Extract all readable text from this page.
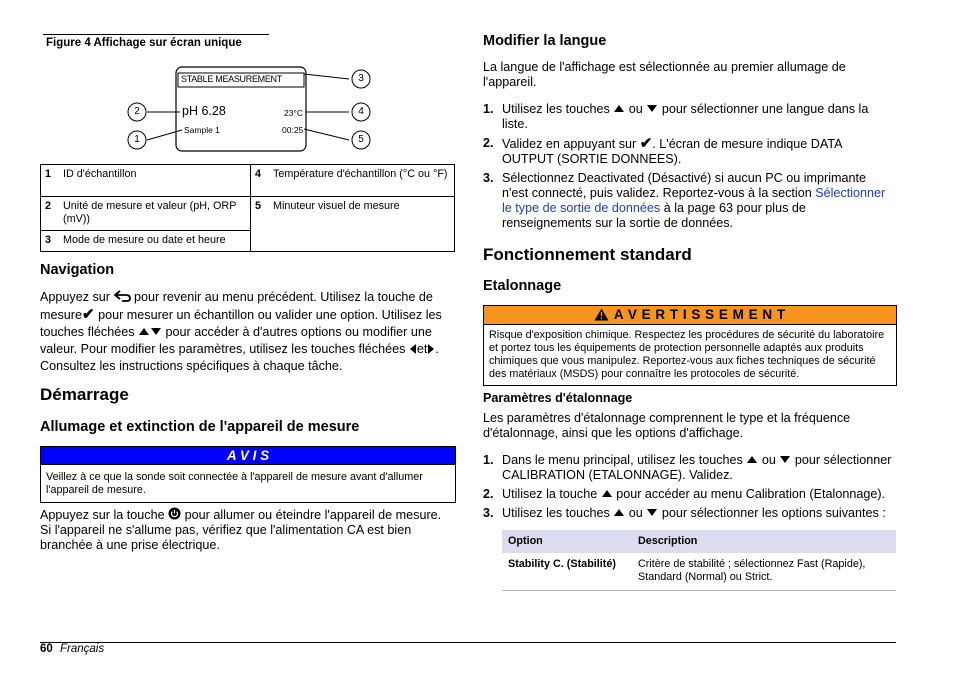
Figure 4 Affichage sur écran unique
STABLE MEASUREMENT
pH 6.28	23°C
Sample 1	00:25
3
4
5
2
1
1 ID d'échantillon	4 Température d'échantillon (°C ou °F)

2 Unité de mesure et valeur (pH, ORP (mV))	5 Minuteur visuel de mesure
3 Mode de mesure ou date et heure	
Navigation
Appuyez sur pour revenir au menu précédent. Utilisez la touche de
mesure✔ pour mesurer un échantillon ou valider une option. Utilisez les
touches fléchées pour accéder à d'autres options ou modifier une
valeur. Pour modifier les paramètres, utilisez les touches fléchées et .
Consultez les instructions spécifiques à chaque tâche.
Démarrage
Allumage et extinction de l'appareil de mesure
A V I S
Veillez à ce que la sonde soit connectée à l'appareil de mesure avant d'allumer l'appareil de mesure.
Appuyez sur la touche pour allumer ou éteindre l'appareil de mesure.
Si l'appareil ne s'allume pas, vérifiez que l'alimentation CA est bien branchée à une prise électrique.
Modifier la langue
La langue de l'affichage est sélectionnée au premier allumage de l'appareil.
1. Utilisez les touches ou pour sélectionner une langue dans la liste.
2. Validez en appuyant sur ✔. L'écran de mesure indique DATA OUTPUT (SORTIE DONNEES).
3. Sélectionnez Deactivated (Désactivé) si aucun PC ou imprimante n'est connecté, puis validez. Reportez-vous à la section Sélectionner le type de sortie de données à la page 63 pour plus de renseignements sur la sortie de données.
Fonctionnement standard
Etalonnage
A V E R T I S S E M E N T
Risque d'exposition chimique. Respectez les procédures de sécurité du laboratoire et portez tous les équipements de protection personnelle adaptés aux produits chimiques que vous manipulez. Reportez-vous aux fiches techniques de sécurité des matériaux (MSDS) pour connaître les protocoles de sécurité.
Paramètres d'étalonnage
Les paramètres d'étalonnage comprennent le type et la fréquence d'étalonnage, ainsi que les options d'affichage.
1. Dans le menu principal, utilisez les touches ou pour sélectionner CALIBRATION (ETALONNAGE). Validez.
2. Utilisez la touche pour accéder au menu Calibration (Etalonnage).
3. Utilisez les touches ou pour sélectionner les options suivantes :
Option	Description
Stability C. (Stabilité)	Critère de stabilité ; sélectionnez Fast (Rapide), Standard (Normal) ou Strict.
60 Français
